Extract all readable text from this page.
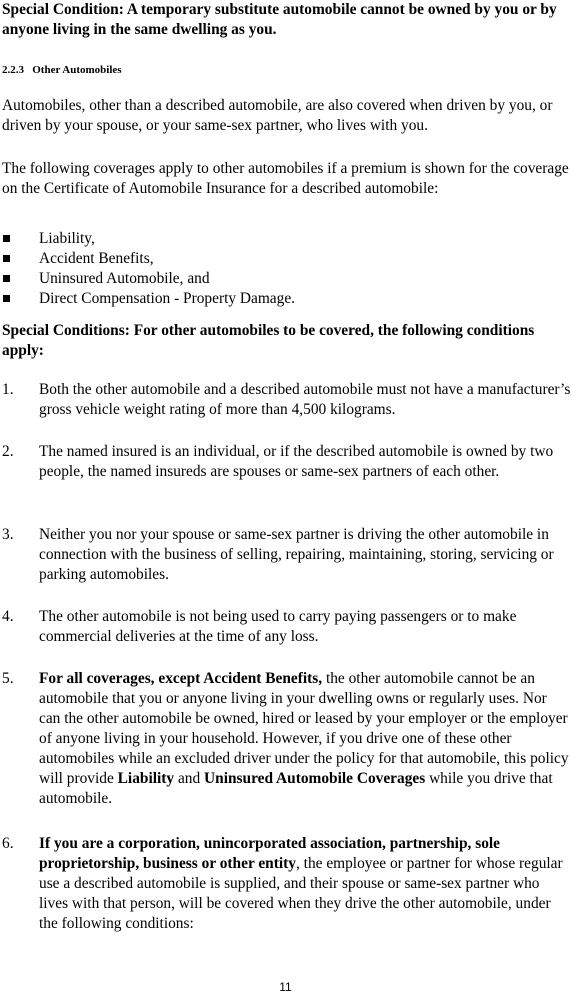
Special Condition: A temporary substitute automobile cannot be owned by you or by anyone living in the same dwelling as you.

2.2.3 Other Automobiles

Automobiles, other than a described automobile, are also covered when driven by you, or driven by your spouse, or your same-sex partner, who lives with you.

The following coverages apply to other automobiles if a premium is shown for the coverage on the Certificate of Automobile Insurance for a described automobile:

Liability,
Accident Benefits,
Uninsured Automobile, and
Direct Compensation - Property Damage.

Special Conditions: For other automobiles to be covered, the following conditions apply:

1.	Both the other automobile and a described automobile must not have a manufacturer’s gross vehicle weight rating of more than 4,500 kilograms.
2.	The named insured is an individual, or if the described automobile is owned by two people, the named insureds are spouses or same-sex partners of each other.
3.	Neither you nor your spouse or same-sex partner is driving the other automobile in connection with the business of selling, repairing, maintaining, storing, servicing or parking automobiles.
4.	The other automobile is not being used to carry paying passengers or to make commercial deliveries at the time of any loss.
5.	For all coverages, except Accident Benefits, the other automobile cannot be an automobile that you or anyone living in your dwelling owns or regularly uses. Nor can the other automobile be owned, hired or leased by your employer or the employer of anyone living in your household. However, if you drive one of these other automobiles while an excluded driver under the policy for that automobile, this policy will provide Liability and Uninsured Automobile Coverages while you drive that automobile.
6.	If you are a corporation, unincorporated association, partnership, sole proprietorship, business or other entity, the employee or partner for whose regular use a described automobile is supplied, and their spouse or same-sex partner who lives with that person, will be covered when they drive the other automobile, under the following conditions:
11
